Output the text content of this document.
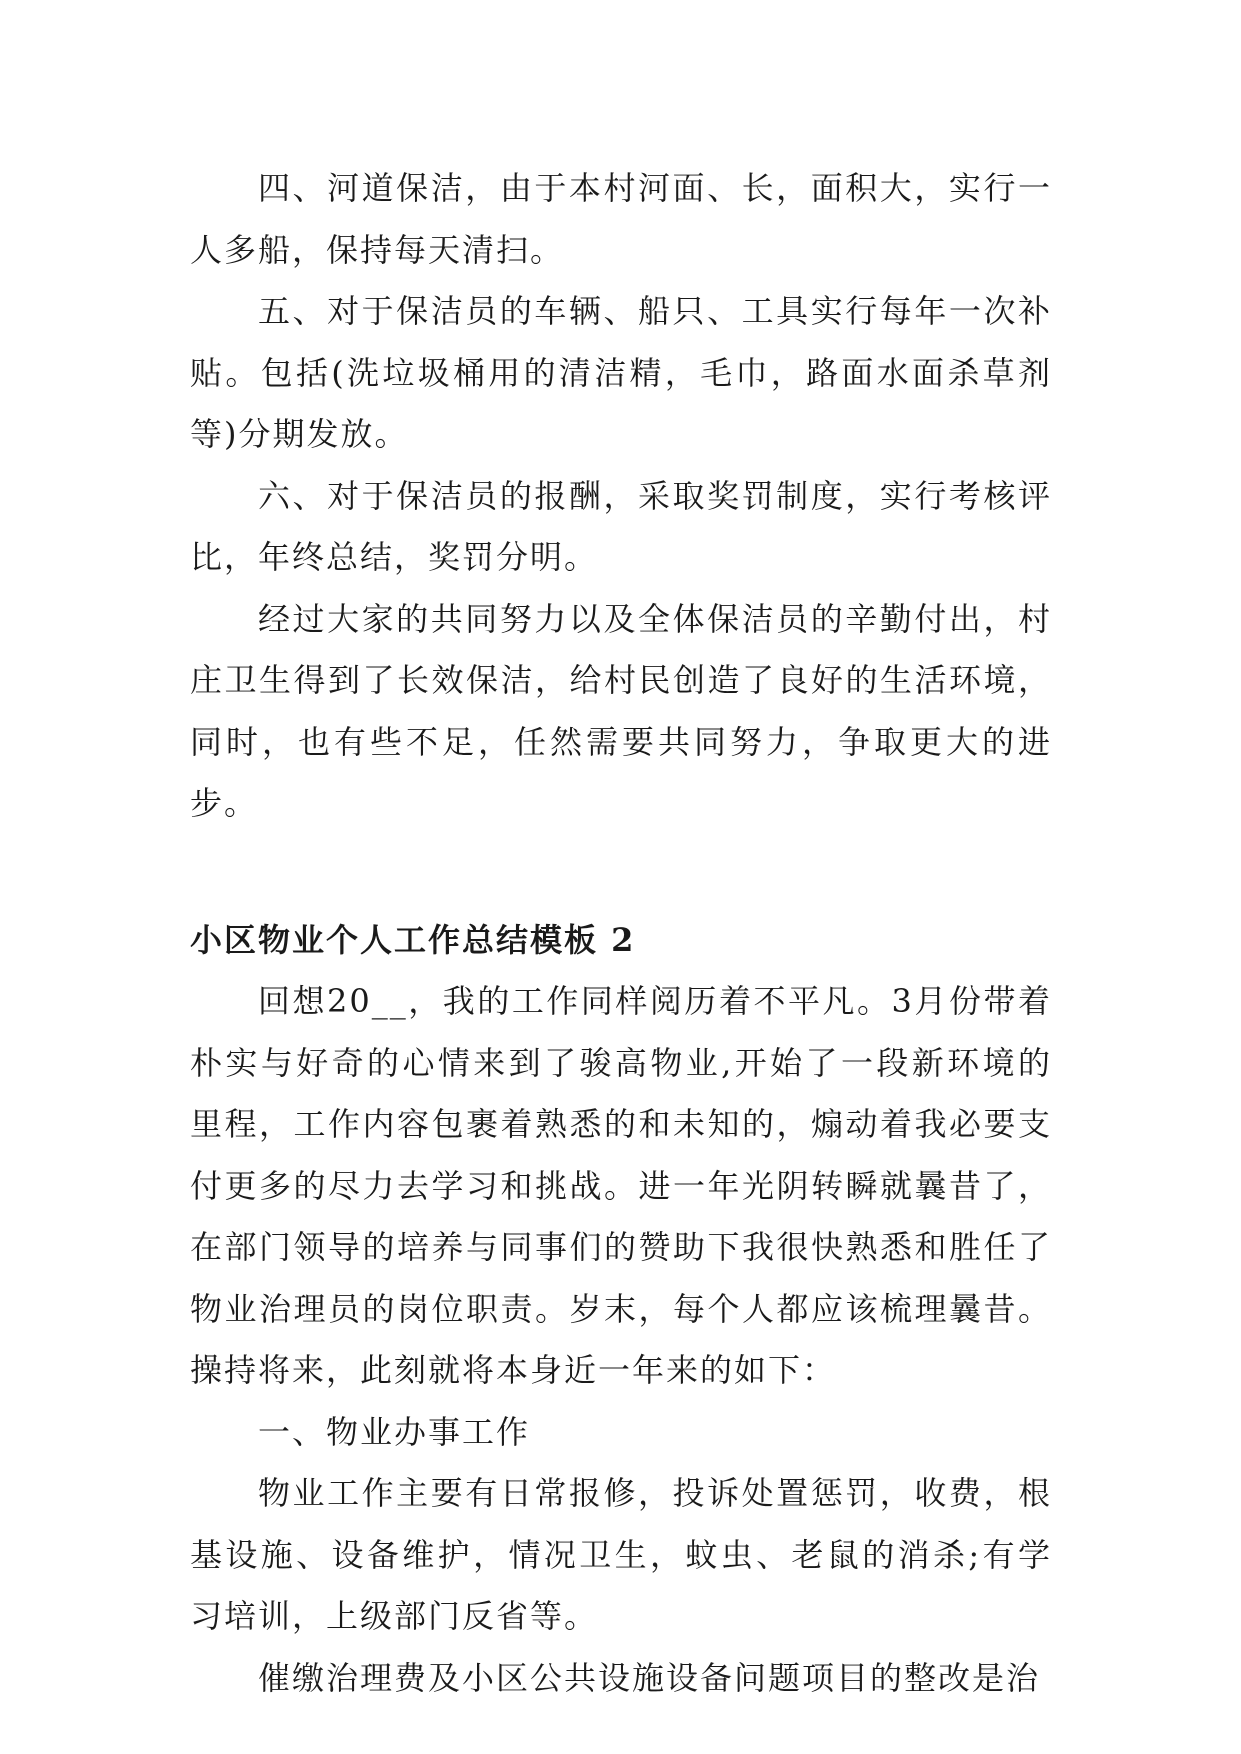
四、河道保洁，由于本村河面、长，面积大，实行一人多船，保持每天清扫。

五、对于保洁员的车辆、船只、工具实行每年一次补贴。包括(洗垃圾桶用的清洁精，毛巾，路面水面杀草剂等)分期发放。

六、对于保洁员的报酬，采取奖罚制度，实行考核评比，年终总结，奖罚分明。

经过大家的共同努力以及全体保洁员的辛勤付出，村庄卫生得到了长效保洁，给村民创造了良好的生活环境，同时，也有些不足，任然需要共同努力，争取更大的进步。

小区物业个人工作总结模板 2

回想20__，我的工作同样阅历着不平凡。3月份带着朴实与好奇的心情来到了骏高物业,开始了一段新环境的里程，工作内容包裹着熟悉的和未知的，煽动着我必要支付更多的尽力去学习和挑战。进一年光阴转瞬就曩昔了，在部门领导的培养与同事们的赞助下我很快熟悉和胜任了物业治理员的岗位职责。岁末，每个人都应该梳理曩昔。操持将来，此刻就将本身近一年来的如下：

一、物业办事工作

物业工作主要有日常报修，投诉处置惩罚，收费，根基设施、设备维护，情况卫生，蚊虫、老鼠的消杀;有学习培训，上级部门反省等。

催缴治理费及小区公共设施设备问题项目的整改是治
